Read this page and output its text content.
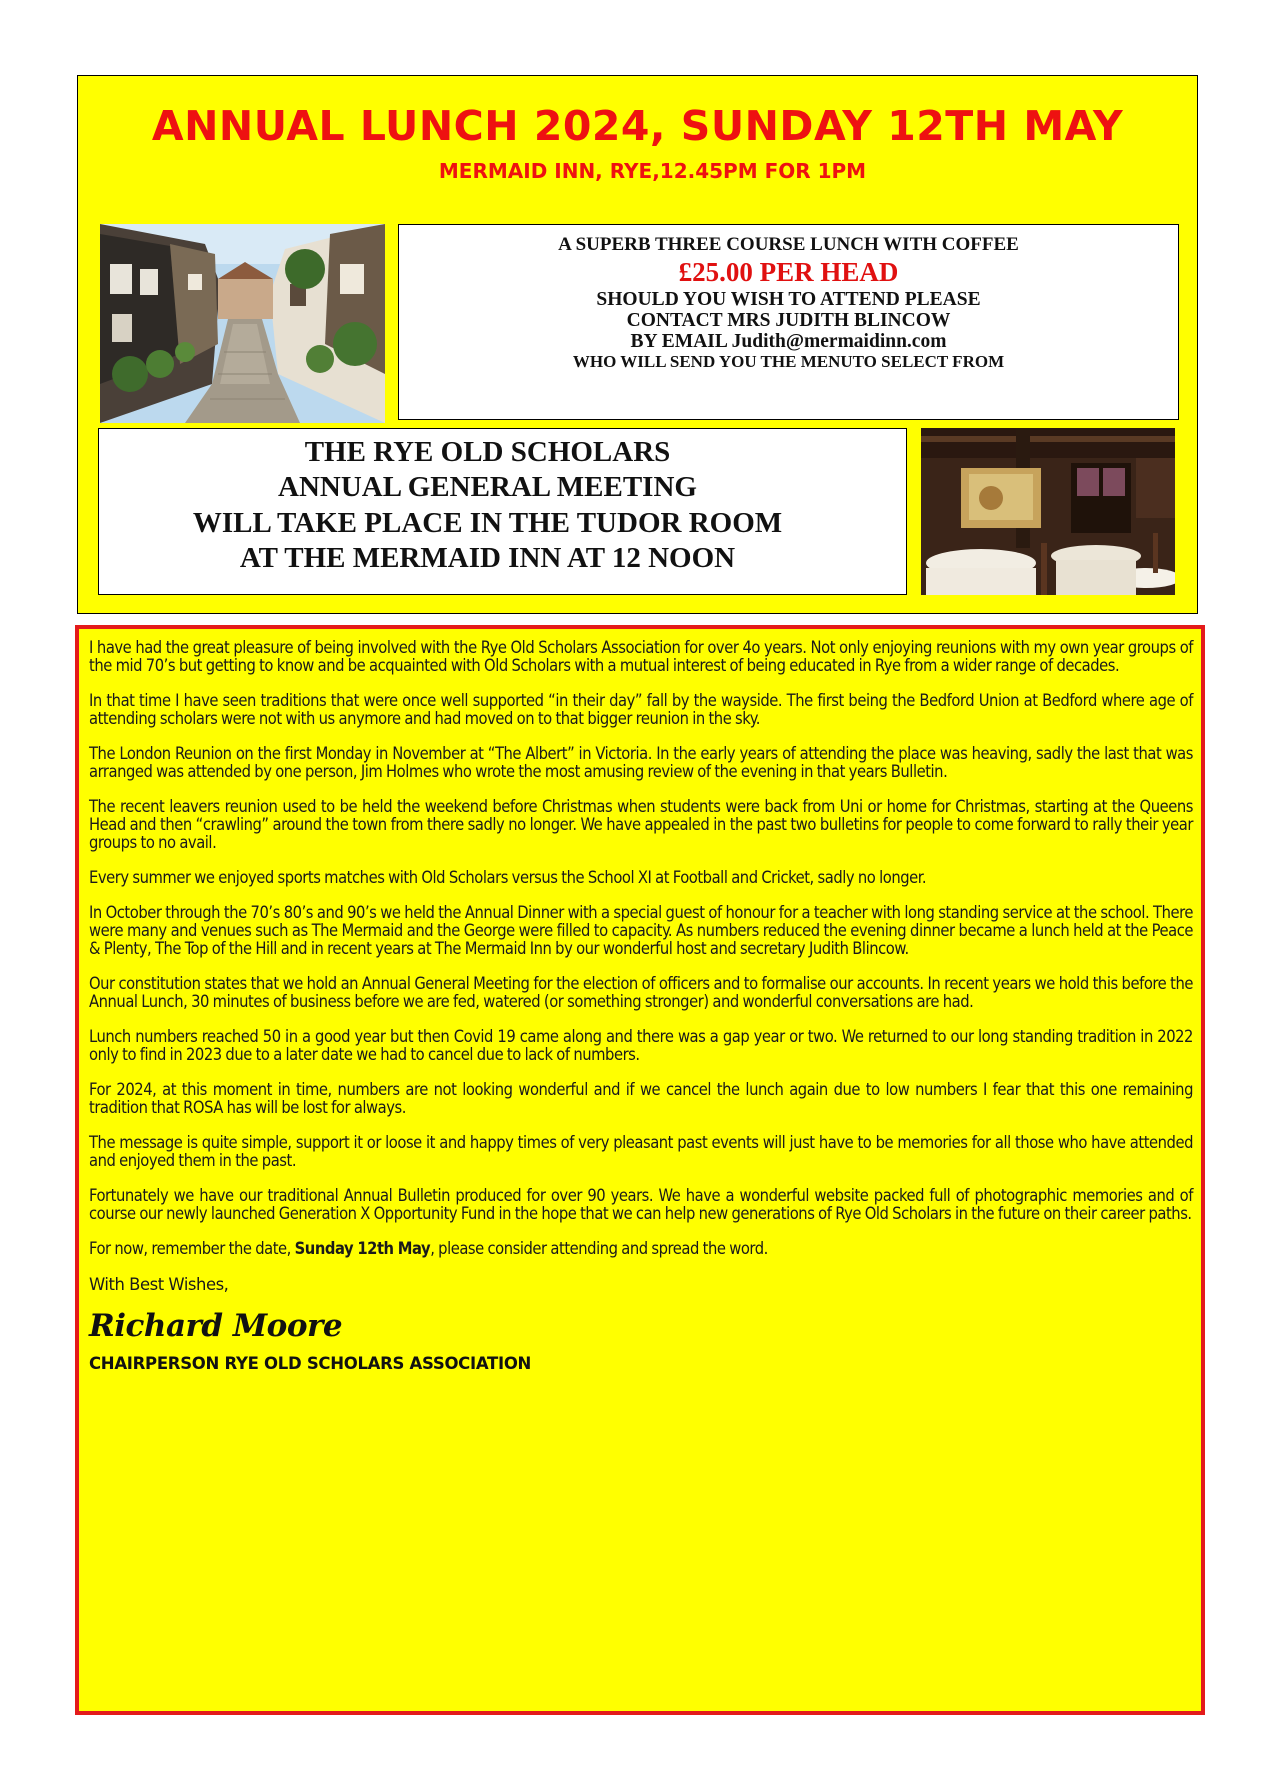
ANNUAL LUNCH 2024, SUNDAY 12TH MAY
MERMAID INN, RYE,12.45PM FOR 1PM
A SUPERB THREE COURSE LUNCH WITH COFFEE
£25.00 PER HEAD
SHOULD YOU WISH TO ATTEND PLEASE
CONTACT MRS JUDITH BLINCOW
BY EMAIL Judith@mermaidinn.com
WHO WILL SEND YOU THE MENUTO SELECT FROM
THE RYE OLD SCHOLARS
ANNUAL GENERAL MEETING
WILL TAKE PLACE IN THE TUDOR ROOM
AT THE MERMAID INN AT 12 NOON

I have had the great pleasure of being involved with the Rye Old Scholars Association for over 4o years. Not only enjoying reunions with my own year groups of the mid 70’s but getting to know and be acquainted with Old Scholars with a mutual interest of being educated in Rye from a wider range of decades.

In that time I have seen traditions that were once well supported “in their day” fall by the wayside. The first being the Bedford Union at Bedford where age of attending scholars were not with us anymore and had moved on to that bigger reunion in the sky.

The London Reunion on the first Monday in November at “The Albert” in Victoria. In the early years of attending the place was heaving, sadly the last that was arranged was attended by one person, Jim Holmes who wrote the most amusing review of the evening in that years Bulletin.

The recent leavers reunion used to be held the weekend before Christmas when students were back from Uni or home for Christmas, starting at the Queens Head and then “crawling” around the town from there sadly no longer. We have appealed in the past two bulletins for people to come forward to rally their year groups to no avail.

Every summer we enjoyed sports matches with Old Scholars versus the School XI at Football and Cricket, sadly no longer.

In October through the 70’s 80’s and 90’s we held the Annual Dinner with a special guest of honour for a teacher with long standing service at the school. There were many and venues such as The Mermaid and the George were filled to capacity. As numbers reduced the evening dinner became a lunch held at the Peace & Plenty, The Top of the Hill and in recent years at The Mermaid Inn by our wonderful host and secretary Judith Blincow.

Our constitution states that we hold an Annual General Meeting for the election of officers and to formalise our accounts. In recent years we hold this before the Annual Lunch, 30 minutes of business before we are fed, watered (or something stronger) and wonderful conversations are had.

Lunch numbers reached 50 in a good year but then Covid 19 came along and there was a gap year or two. We returned to our long standing tradition in 2022 only to find in 2023 due to a later date we had to cancel due to lack of numbers.

For 2024, at this moment in time, numbers are not looking wonderful and if we cancel the lunch again due to low numbers I fear that this one remaining tradition that ROSA has will be lost for always.

The message is quite simple, support it or loose it and happy times of very pleasant past events will just have to be memories for all those who have attended and enjoyed them in the past.

Fortunately we have our traditional Annual Bulletin produced for over 90 years. We have a wonderful website packed full of photographic memories and of course our newly launched Generation X Opportunity Fund in the hope that we can help new generations of Rye Old Scholars in the future on their career paths.

For now, remember the date, Sunday 12th May, please consider attending and spread the word.

With Best Wishes,
Richard Moore
CHAIRPERSON RYE OLD SCHOLARS ASSOCIATION
